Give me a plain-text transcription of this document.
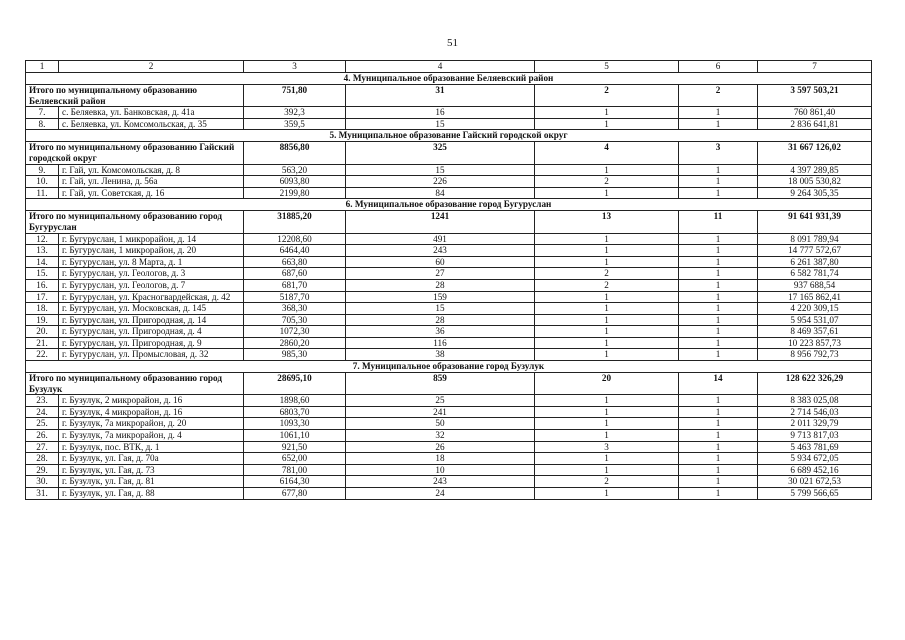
51
1	2	3	4	5	6	7
4. Муниципальное образование Беляевский район						
Итого по муниципальному образованию Беляевский район		751,80	31	2	2	3 597 503,21
7.	с. Беляевка, ул. Банковская, д. 41а	392,3	16	1	1	760 861,40
8.	с. Беляевка, ул. Комсомольская, д. 35	359,5	15	1	1	2 836 641,81
5. Муниципальное образование Гайский городской округ						
Итого по муниципальному образованию Гайский городской округ		8856,80	325	4	3	31 667 126,02
9.	г. Гай, ул. Комсомольская, д. 8	563,20	15	1	1	4 397 289,85
10.	г. Гай, ул. Ленина, д. 56а	6093,80	226	2	1	18 005 530,82
11.	г. Гай, ул. Советская, д. 16	2199,80	84	1	1	9 264 305,35
6. Муниципальное образование город Бугуруслан						
Итого по муниципальному образованию город Бугуруслан		31885,20	1241	13	11	91 641 931,39
12.	г. Бугуруслан, 1 микрорайон, д. 14	12208,60	491	1	1	8 091 789,94
13.	г. Бугуруслан, 1 микрорайон, д. 20	6464,40	243	1	1	14 777 572,67
14.	г. Бугуруслан, ул. 8 Марта, д. 1	663,80	60	1	1	6 261 387,80
15.	г. Бугуруслан, ул. Геологов, д. 3	687,60	27	2	1	6 582 781,74
16.	г. Бугуруслан, ул. Геологов, д. 7	681,70	28	2	1	937 688,54
17.	г. Бугуруслан, ул. Красногвардейская, д. 42	5187,70	159	1	1	17 165 862,41
18.	г. Бугуруслан, ул. Московская, д. 145	368,30	15	1	1	4 220 309,15
19.	г. Бугуруслан, ул. Пригородная, д. 14	705,30	28	1	1	5 954 531,07
20.	г. Бугуруслан, ул. Пригородная, д. 4	1072,30	36	1	1	8 469 357,61
21.	г. Бугуруслан, ул. Пригородная, д. 9	2860,20	116	1	1	10 223 857,73
22.	г. Бугуруслан, ул. Промысловая, д. 32	985,30	38	1	1	8 956 792,73
7. Муниципальное образование город Бузулук						
Итого по муниципальному образованию город Бузулук		28695,10	859	20	14	128 622 326,29
23.	г. Бузулук, 2 микрорайон, д. 16	1898,60	25	1	1	8 383 025,08
24.	г. Бузулук, 4 микрорайон, д. 16	6803,70	241	1	1	2 714 546,03
25.	г. Бузулук, 7а микрорайон, д. 20	1093,30	50	1	1	2 011 329,79
26.	г. Бузулук, 7а микрорайон, д. 4	1061,10	32	1	1	9 713 817,03
27.	г. Бузулук, пос. ВТК, д. 1	921,50	26	3	1	5 463 781,69
28.	г. Бузулук, ул. Гая, д. 70а	652,00	18	1	1	5 934 672,05
29.	г. Бузулук, ул. Гая, д. 73	781,00	10	1	1	6 689 452,16
30.	г. Бузулук, ул. Гая, д. 81	6164,30	243	2	1	30 021 672,53
31.	г. Бузулук, ул. Гая, д. 88	677,80	24	1	1	5 799 566,65
